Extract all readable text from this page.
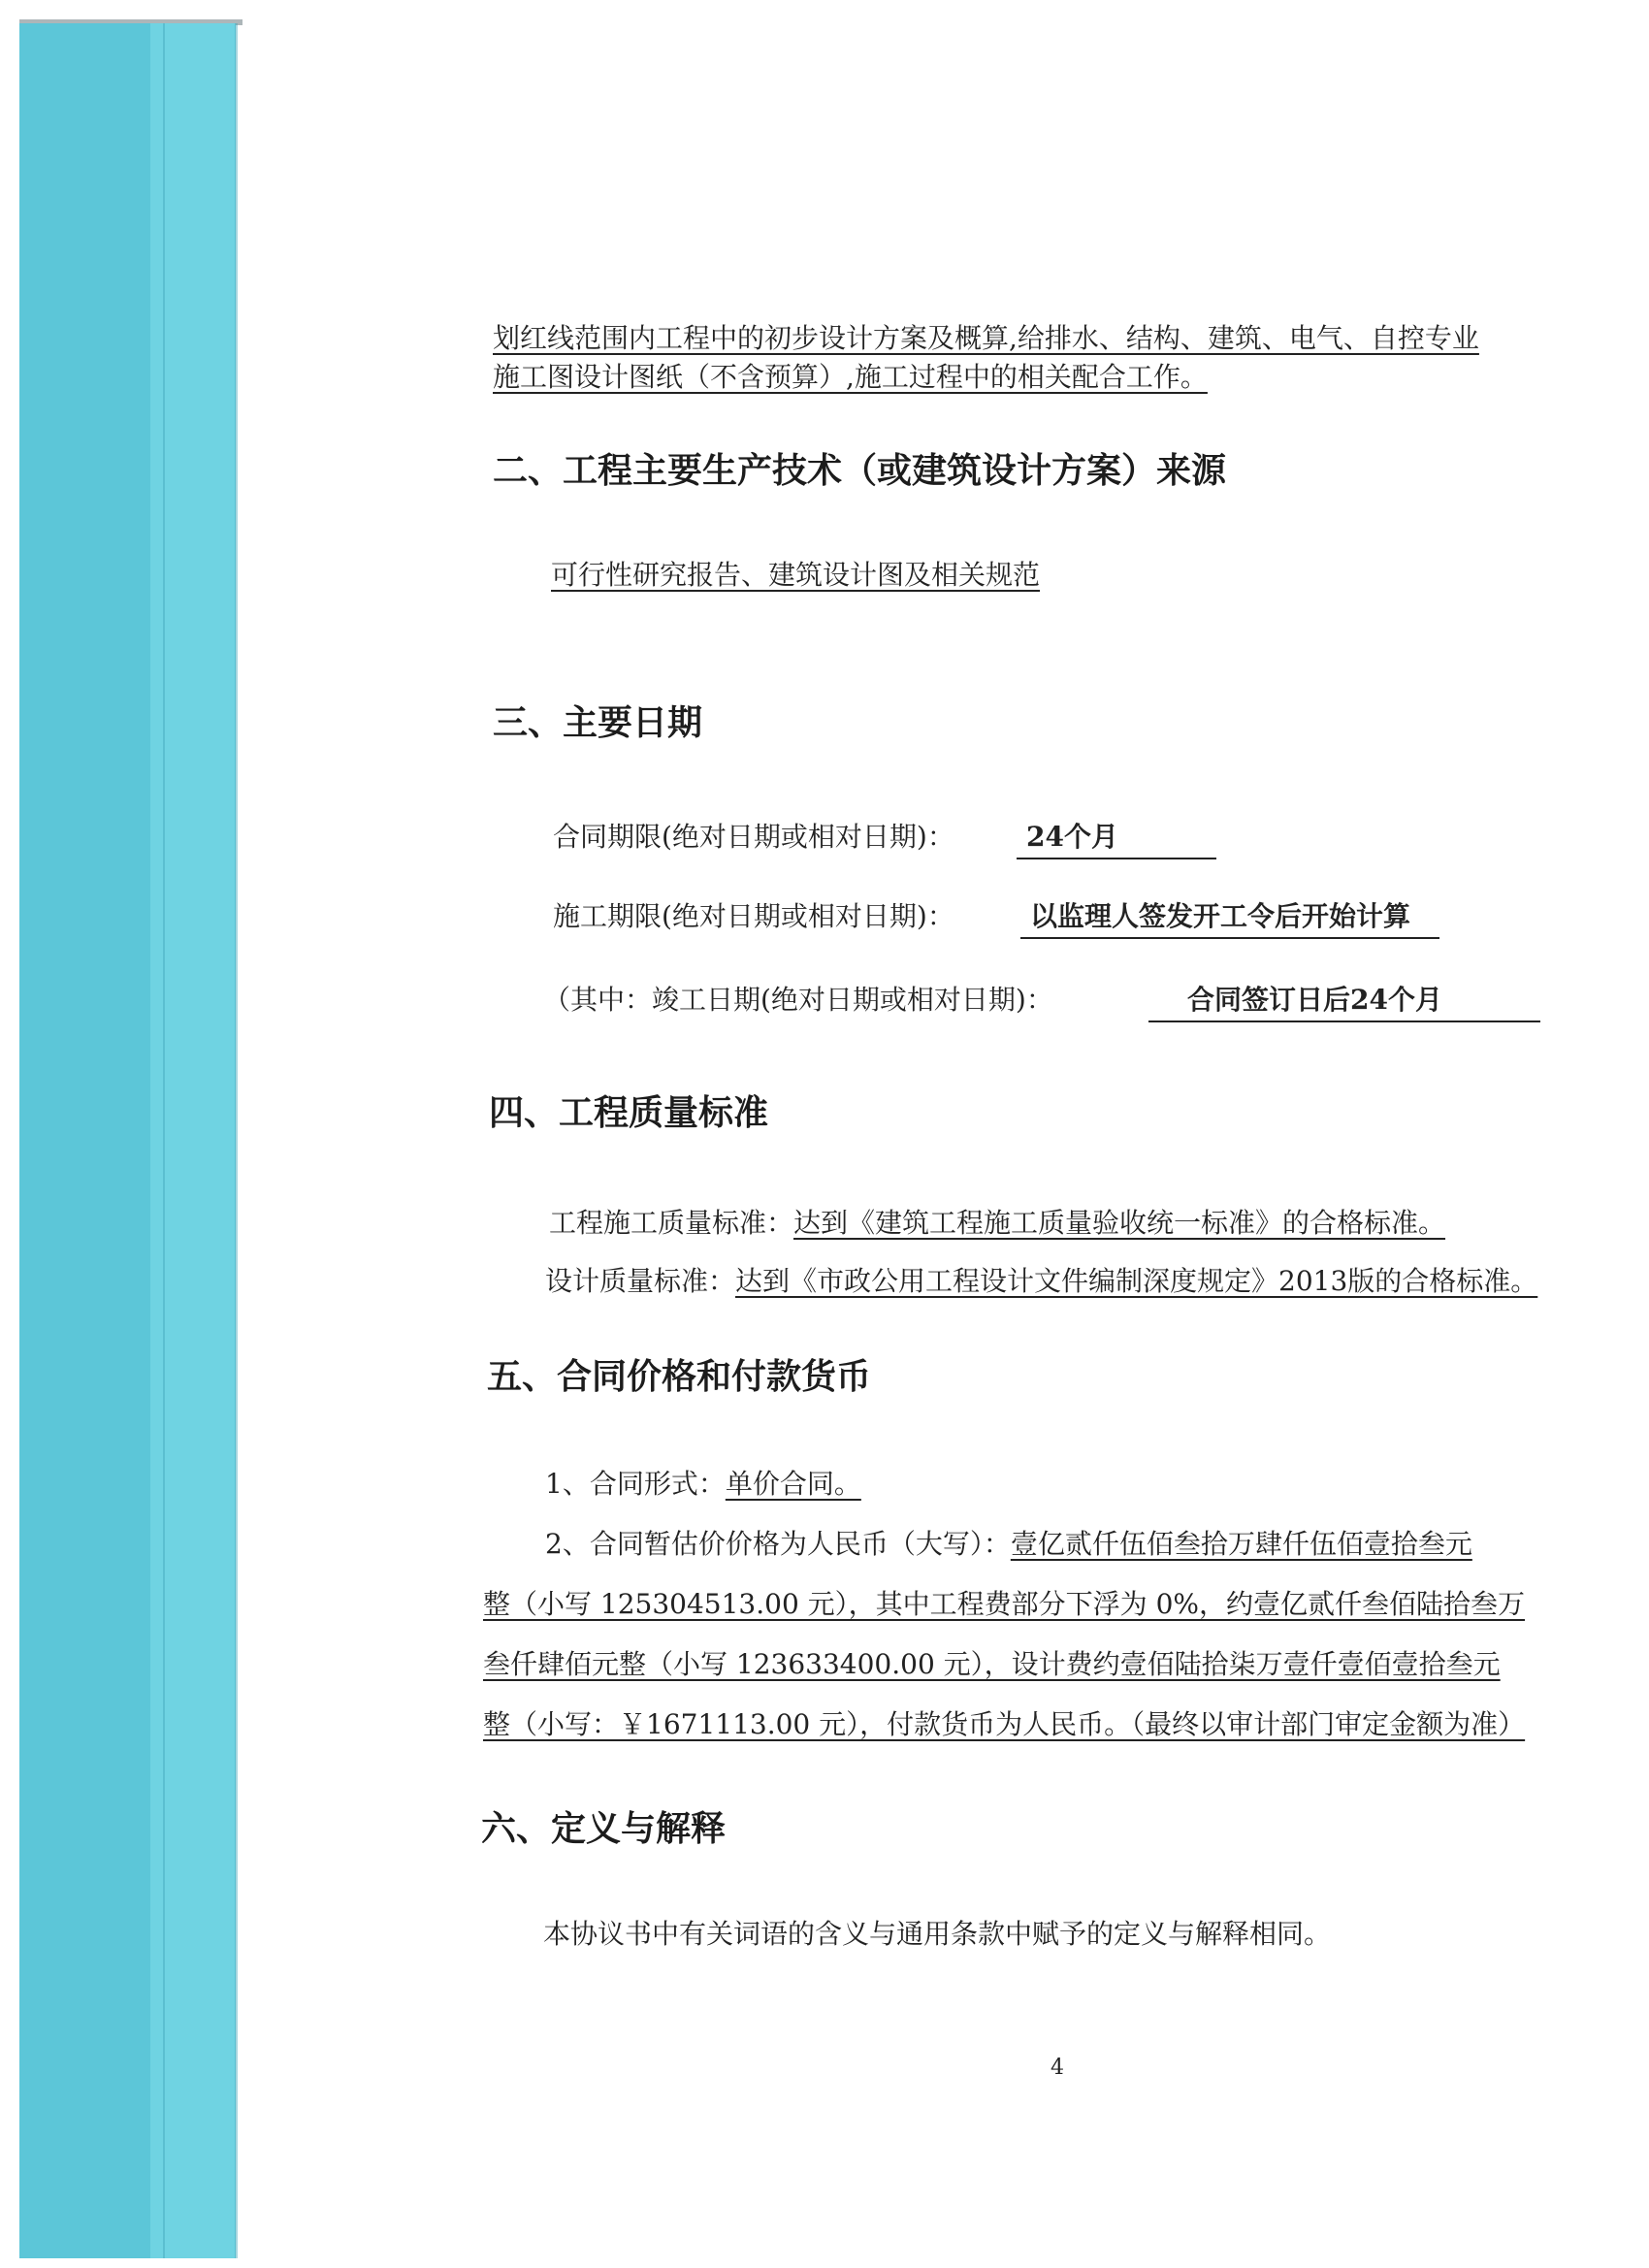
划红线范围内工程中的初步设计方案及概算,给排水、结构、建筑、电气、自控专业
施工图设计图纸（不含预算）,施工过程中的相关配合工作。
二、工程主要生产技术（或建筑设计方案）来源
可行性研究报告、建筑设计图及相关规范
三、主要日期
合同期限(绝对日期或相对日期)：	24个月
施工期限(绝对日期或相对日期)：	以监理人签发开工令后开始计算
（其中：竣工日期(绝对日期或相对日期)：	合同签订日后24个月
四、工程质量标准
工程施工质量标准：达到《建筑工程施工质量验收统一标准》的合格标准。
设计质量标准：达到《市政公用工程设计文件编制深度规定》2013版的合格标准。
五、合同价格和付款货币
1、合同形式：单价合同。
2、合同暂估价价格为人民币（大写）：壹亿贰仟伍佰叁拾万肆仟伍佰壹拾叁元
整（小写 125304513.00 元），其中工程费部分下浮为 0%，约壹亿贰仟叁佰陆拾叁万
叁仟肆佰元整（小写 123633400.00 元），设计费约壹佰陆拾柒万壹仟壹佰壹拾叁元
整（小写：￥1671113.00 元），付款货币为人民币。（最终以审计部门审定金额为准）
六、定义与解释
本协议书中有关词语的含义与通用条款中赋予的定义与解释相同。
4
